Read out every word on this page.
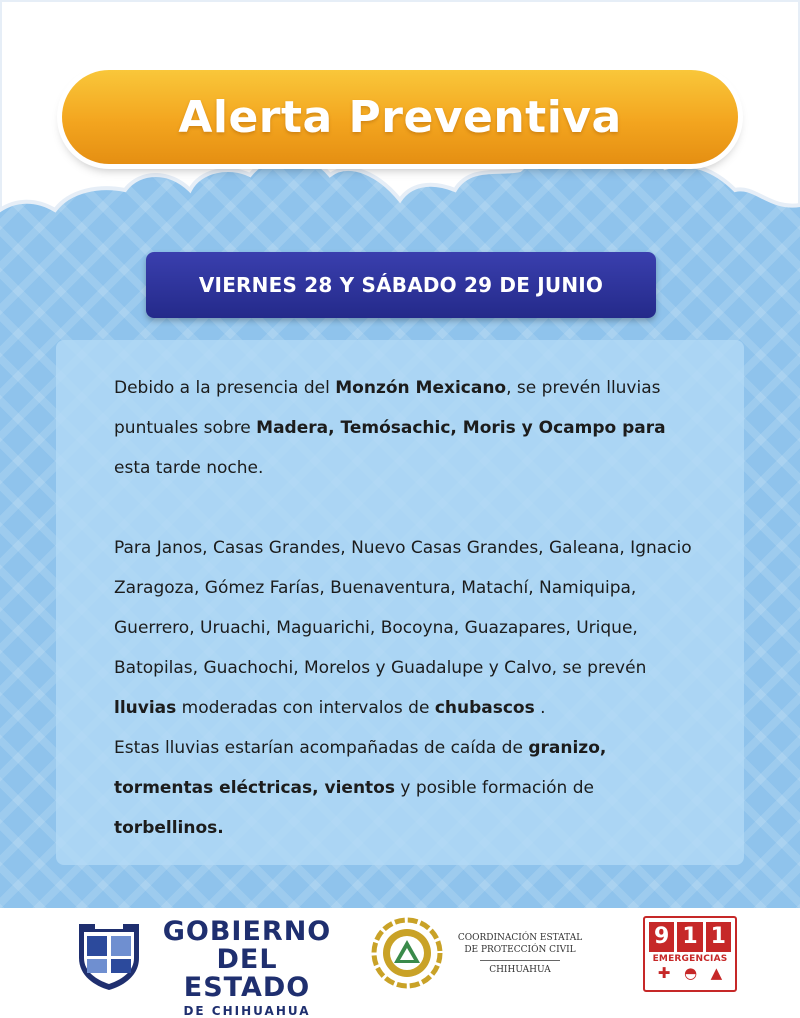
Alerta Preventiva
VIERNES 28 Y SÁBADO 29 DE JUNIO

Debido a la presencia del Monzón Mexicano, se prevén lluvias puntuales sobre Madera, Temósachic, Moris y Ocampo para esta tarde noche.

Para Janos, Casas Grandes, Nuevo Casas Grandes, Galeana, Ignacio Zaragoza, Gómez Farías, Buenaventura, Matachí, Namiquipa, Guerrero, Uruachi, Maguarichi, Bocoyna, Guazapares, Urique, Batopilas, Guachochi, Morelos y Guadalupe y Calvo, se prevén lluvias moderadas con intervalos de chubascos .

Estas lluvias estarían acompañadas de caída de granizo, tormentas eléctricas, vientos y posible formación de torbellinos.

GOBIERNO
DEL ESTADO
DE CHIHUAHUA
COORDINACIÓN ESTATAL
DE PROTECCIÓN CIVIL
CHIHUAHUA
9 1 1
EMERGENCIAS
✚ ◓ ▲
